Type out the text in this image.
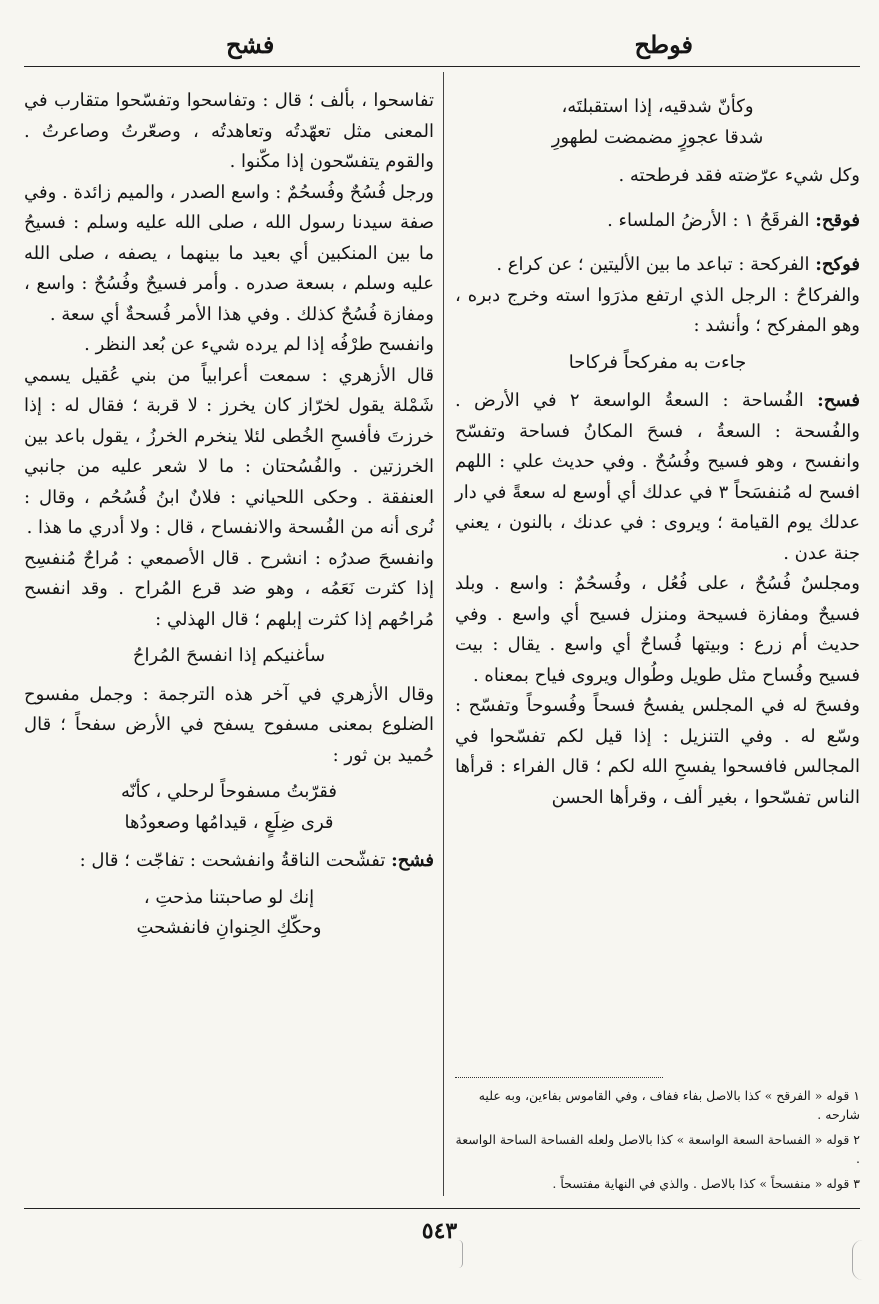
فوطح
فشح
وكأنّ شدقيه، إذا استقبلتَه،
شدقا عجوزٍ مضمضت لطهورِ

وكل شيء عرّضته فقد فرطحته .

فوقح: الفرقَحُ ١ : الأرضُ الملساء .

فوكح: الفركحة : تباعد ما بين الأليتين ؛ عن كراع .

والفركاحُ : الرجل الذي ارتفع مذرَوا استه وخرج دبره ، وهو المفركح ؛ وأنشد :

جاءت به مفركحاً فركاحا

فسح: الفُساحة : السعةُ الواسعة ٢ في الأرض . والفُسحة : السعةُ ، فسحَ المكانُ فساحة وتفسّح وانفسح ، وهو فسيح وفُسُحٌ . وفي حديث علي : اللهم افسح له مُنفسَحاً ٣ في عدلك أي أوسع له سعةً في دار عدلك يوم القيامة ؛ ويروى : في عدنك ، بالنون ، يعني جنة عدن .

ومجلسٌ فُسُحٌ ، على فُعُل ، وفُسحُمٌ : واسع . وبلد فسيحٌ ومفازة فسيحة ومنزل فسيح أي واسع . وفي حديث أم زرع : وبيتها فُساحٌ أي واسع . يقال : بيت فسيح وفُساح مثل طويل وطُوال ويروى فياح بمعناه .

وفسحَ له في المجلس يفسحُ فسحاً وفُسوحاً وتفسّح : وسّع له . وفي التنزيل : إذا قيل لكم تفسّحوا في المجالس فافسحوا يفسحِ الله لكم ؛ قال الفراء : قرأها الناس تفسّحوا ، بغير ألف ، وقرأها الحسن

تفاسحوا ، بألف ؛ قال : وتفاسحوا وتفسّحوا متقارب في المعنى مثل تعهّدتُه وتعاهدتُه ، وصعّرتُ وصاعرتُ . والقوم يتفسّحون إذا مكّنوا .

ورجل فُسُحٌ وفُسحُمٌ : واسع الصدر ، والميم زائدة . وفي صفة سيدنا رسول الله ، صلى الله عليه وسلم : فسيحُ ما بين المنكبين أي بعيد ما بينهما ، يصفه ، صلى الله عليه وسلم ، بسعة صدره . وأمر فسيحٌ وفُسُحٌ : واسع ، ومفازة فُسُحٌ كذلك . وفي هذا الأمر فُسحةٌ أي سعة .

وانفسح طرْفُه إذا لم يرده شيء عن بُعد النظر .

قال الأزهري : سمعت أعرابياً من بني عُقيل يسمي شَمْلة يقول لخرّاز كان يخرز : لا قربة ؛ فقال له : إذا خرزتَ فأفسحِ الخُطى لئلا ينخرم الخرزُ ، يقول باعد بين الخرزتين . والفُسُحتان : ما لا شعر عليه من جانبي العنفقة . وحكى اللحياني : فلانٌ ابنُ فُسُحُم ، وقال : نُرى أنه من الفُسحة والانفساح ، قال : ولا أدري ما هذا .

وانفسحَ صدرُه : انشرح . قال الأصمعي : مُراحٌ مُنفسِح إذا كثرت نَعَمُه ، وهو ضد قرع المُراح . وقد انفسح مُراحُهم إذا كثرت إبلهم ؛ قال الهذلي :

سأغنيكم إذا انفسحَ المُراحُ

وقال الأزهري في آخر هذه الترجمة : وجمل مفسوح الضلوع بمعنى مسفوح يسفح في الأرض سفحاً ؛ قال حُميد بن ثور :

فقرّبتُ مسفوحاً لرحلي ، كأنّه
قرى ضِلَعٍ ، قيدامُها وصعودُها

فشح: تفشّحت الناقةُ وانفشحت : تفاجّت ؛ قال :

إنك لو صاحبتنا مذحتِ ،
وحكّكِ الحِنوانِ فانفشحتِ
١ قوله « الفرقح » كذا بالاصل بفاء ففاف ، وفي القاموس بفاءين، وبه عليه شارحه .
٢ قوله « الفساحة السعة الواسعة » كذا بالاصل ولعله الفساحة الساحة الواسعة .
٣ قوله « منفسحاً » كذا بالاصل . والذي في النهاية مفتسحاً .
٥٤٣
